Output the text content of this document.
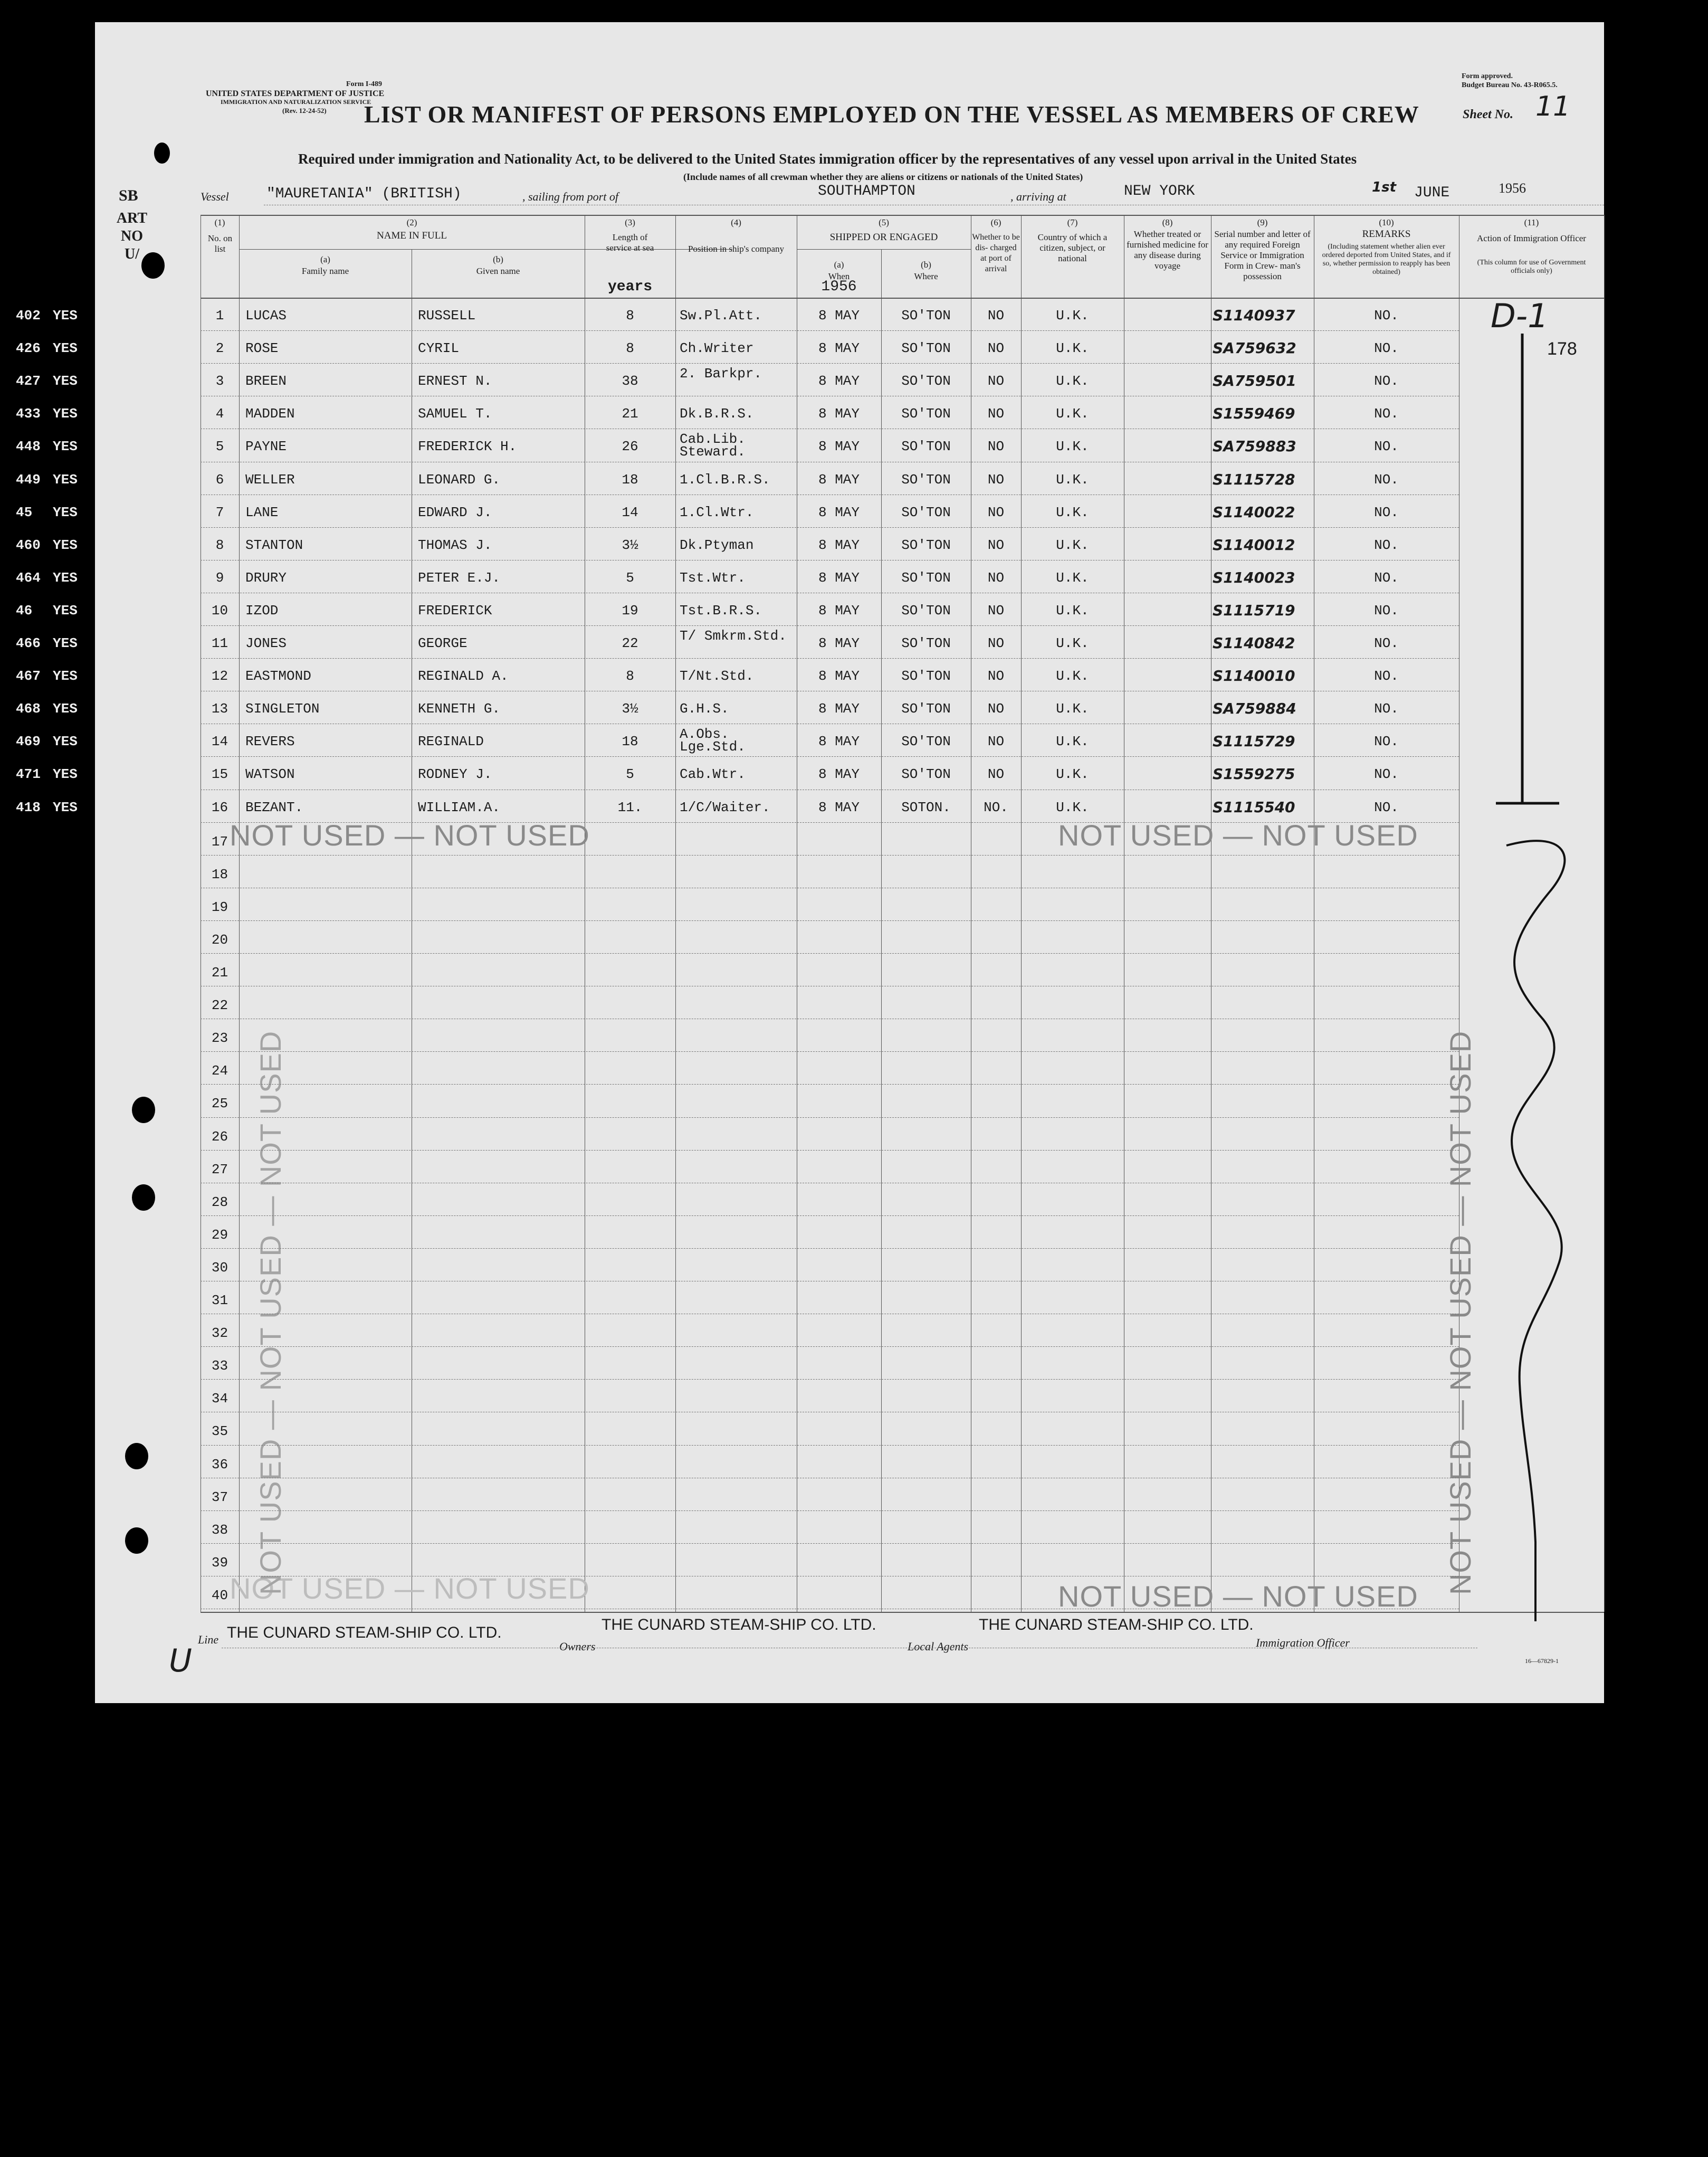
Form I-489
UNITED STATES DEPARTMENT OF JUSTICE
IMMIGRATION AND NATURALIZATION SERVICE
(Rev. 12-24-52)
Form approved.
Budget Bureau No. 43-R065.5.
Sheet No. 11
LIST OR MANIFEST OF PERSONS EMPLOYED ON THE VESSEL AS MEMBERS OF CREW
Required under immigration and Nationality Act, to be delivered to the United States immigration officer by the representatives of any vessel upon arrival in the United States
(Include names of all crewman whether they are aliens or citizens or nationals of the United States)
SB	Vessel	"MAURETANIA" (BRITISH)	, sailing from port of	SOUTHAMPTON	, arriving at	NEW YORK	1st JUNE	1956
ART NO U/
(1)
No. on list
(2)
NAME IN FULL
(a)
Family name
(b)
Given name
(3)
Length of service at sea
years
(4)
Position in ship's company
(5)
SHIPPED OR ENGAGED
(a)
When
(b)
Where
1956
(6)
Whether to be dis- charged at port of arrival
(7)
Country of which a citizen, subject, or national
(8)
Whether treated or furnished medicine for any disease during voyage
(9)
Serial number and letter of any required Foreign Service or Immigration Form in Crew- man's possession
(10)
REMARKS
(Including statement whether alien ever ordered deported from United States, and if so, whether permission to reapply has been obtained)
(11)
Action of Immigration Officer
(This column for use of Government officials only)
NOT USED — NOT USED	NOT USED — NOT USED
NOT USED — NOT USED
NOT USED — NOT USED
NOT USED — NOT USED — NOT USED	NOT USED — NOT USED — NOT USED
D-1
178
U
Line THE CUNARD STEAM-SHIP CO. LTD.
Owners
THE CUNARD STEAM-SHIP CO. LTD.
Local Agents
THE CUNARD STEAM-SHIP CO. LTD.
Immigration Officer
16—67829-1
402 YES	1	LUCAS	RUSSELL	8	Sw.Pl.Att.	8 MAY	SO'TON	NO	U.K.	S1140937	NO.
426 YES	2	ROSE	CYRIL	8	Ch.Writer	8 MAY	SO'TON	NO	U.K.	SA759632	NO.
427 YES	3	BREEN	ERNEST N.	38	2. Barkpr.	8 MAY	SO'TON	NO	U.K.	SA759501	NO.
433 YES	4	MADDEN	SAMUEL T.	21	Dk.B.R.S.	8 MAY	SO'TON	NO	U.K.	S1559469	NO.
448 YES	5	PAYNE	FREDERICK H.	26	Cab.Lib. Steward.	8 MAY	SO'TON	NO	U.K.	SA759883	NO.
449 YES	6	WELLER	LEONARD G.	18	1.Cl.B.R.S.	8 MAY	SO'TON	NO	U.K.	S1115728	NO.
45	YES	7	LANE	EDWARD J.	14	1.Cl.Wtr.	8 MAY	SO'TON	NO	U.K.	S1140022	NO.
460 YES	8	STANTON	THOMAS J.	3½	Dk.Ptyman	8 MAY	SO'TON	NO	U.K.	S1140012	NO.
464 YES	9	DRURY	PETER E.J.	5	Tst.Wtr.	8 MAY	SO'TON	NO	U.K.	S1140023	NO.
46	YES	10	IZOD	FREDERICK	19	Tst.B.R.S.	8 MAY	SO'TON	NO	U.K.	S1115719	NO.
466 YES	11	JONES	GEORGE	22	T/ Smkrm.Std.	8 MAY	SO'TON	NO	U.K.	S1140842	NO.
467 YES	12	EASTMOND	REGINALD A.	8	T/Nt.Std.	8 MAY	SO'TON	NO	U.K.	S1140010	NO.
468 YES	13	SINGLETON	KENNETH G.	3½	G.H.S.	8 MAY	SO'TON	NO	U.K.	SA759884	NO.
469 YES	14	REVERS	REGINALD	18	A.Obs. Lge.Std.	8 MAY	SO'TON	NO	U.K.	S1115729	NO.
471 YES	15	WATSON	RODNEY J.	5	Cab.Wtr.	8 MAY	SO'TON	NO	U.K.	S1559275	NO.
418 YES	16	BEZANT.	WILLIAM.A.	11.	1/C/Waiter.	8 MAY	SOTON.	NO.	U.K.	S1115540	NO.
17
18
19
20
21
22
23
24
25
26
27
28
29
30
31
32
33
34
35
36
37
38
39
40
